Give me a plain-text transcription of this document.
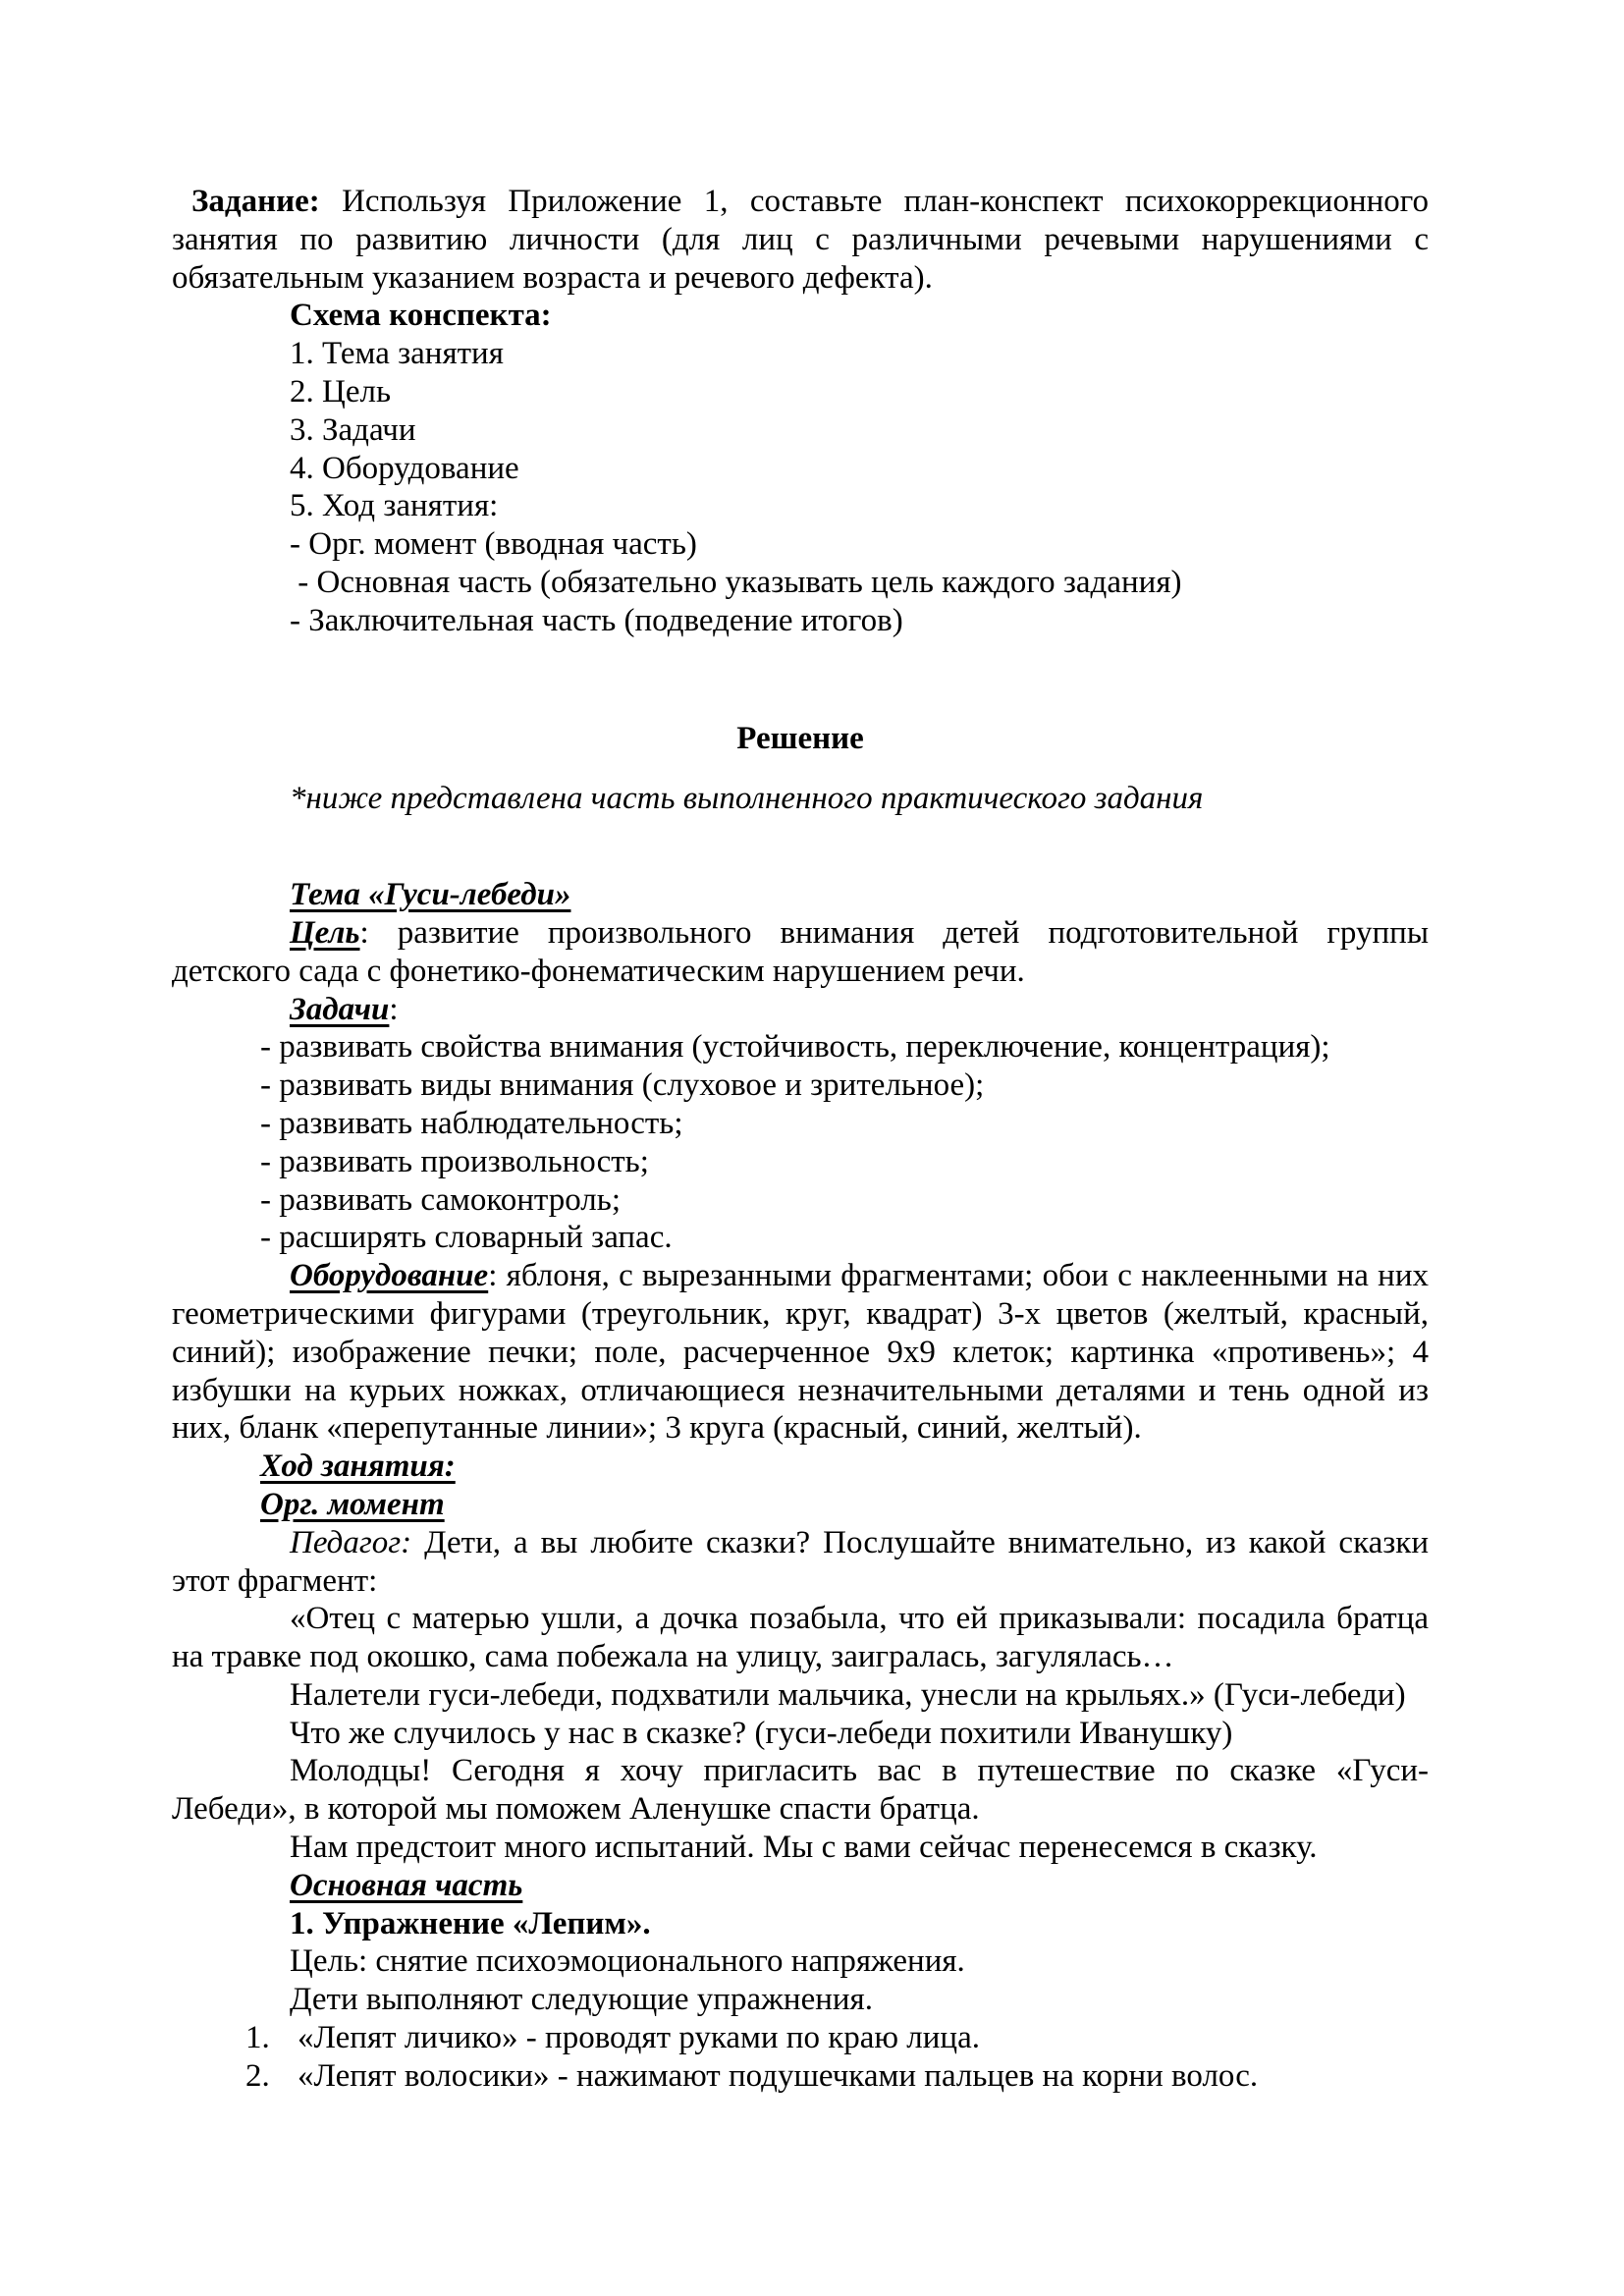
Задание: Используя Приложение 1, составьте план-конспект психокоррекционного занятия по развитию личности (для лиц с различными речевыми нарушениями с обязательным указанием возраста и речевого дефекта).

Схема конспекта:

1. Тема занятия

2. Цель

3. Задачи

4. Оборудование

5. Ход занятия:

- Орг. момент (вводная часть)

- Основная часть (обязательно указывать цель каждого задания)

- Заключительная часть (подведение итогов)

Решение

*ниже представлена часть выполненного практического задания

Тема «Гуси-лебеди»

Цель: развитие произвольного внимания детей подготовительной группы детского сада с фонетико-фонематическим нарушением речи.

Задачи:

- развивать свойства внимания (устойчивость, переключение, концентрация);

- развивать виды внимания (слуховое и зрительное);

- развивать наблюдательность;

- развивать произвольность;

- развивать самоконтроль;

- расширять словарный запас.

Оборудование: яблоня, с вырезанными фрагментами; обои с наклеенными на них геометрическими фигурами (треугольник, круг, квадрат) 3-х цветов (желтый, красный, синий); изображение печки; поле, расчерченное 9х9 клеток; картинка «противень»; 4 избушки на курьих ножках, отличающиеся незначительными деталями и тень одной из них, бланк «перепутанные линии»; 3 круга (красный, синий, желтый).

Ход занятия:

Орг. момент

Педагог: Дети, а вы любите сказки? Послушайте внимательно, из какой сказки этот фрагмент:

«Отец с матерью ушли, а дочка позабыла, что ей приказывали: посадила братца на травке под окошко, сама побежала на улицу, заигралась, загулялась…

Налетели гуси-лебеди, подхватили мальчика, унесли на крыльях.» (Гуси-лебеди)

Что же случилось у нас в сказке? (гуси-лебеди похитили Иванушку)

Молодцы! Сегодня я хочу пригласить вас в путешествие по сказке «Гуси-Лебеди», в которой мы поможем Аленушке спасти братца.

Нам предстоит много испытаний. Мы с вами сейчас перенесемся в сказку.

Основная часть

1. Упражнение «Лепим».

Цель: снятие психоэмоционального напряжения.

Дети выполняют следующие упражнения.

1. «Лепят личико» - проводят руками по краю лица.

2. «Лепят волосики» - нажимают подушечками пальцев на корни волос.
